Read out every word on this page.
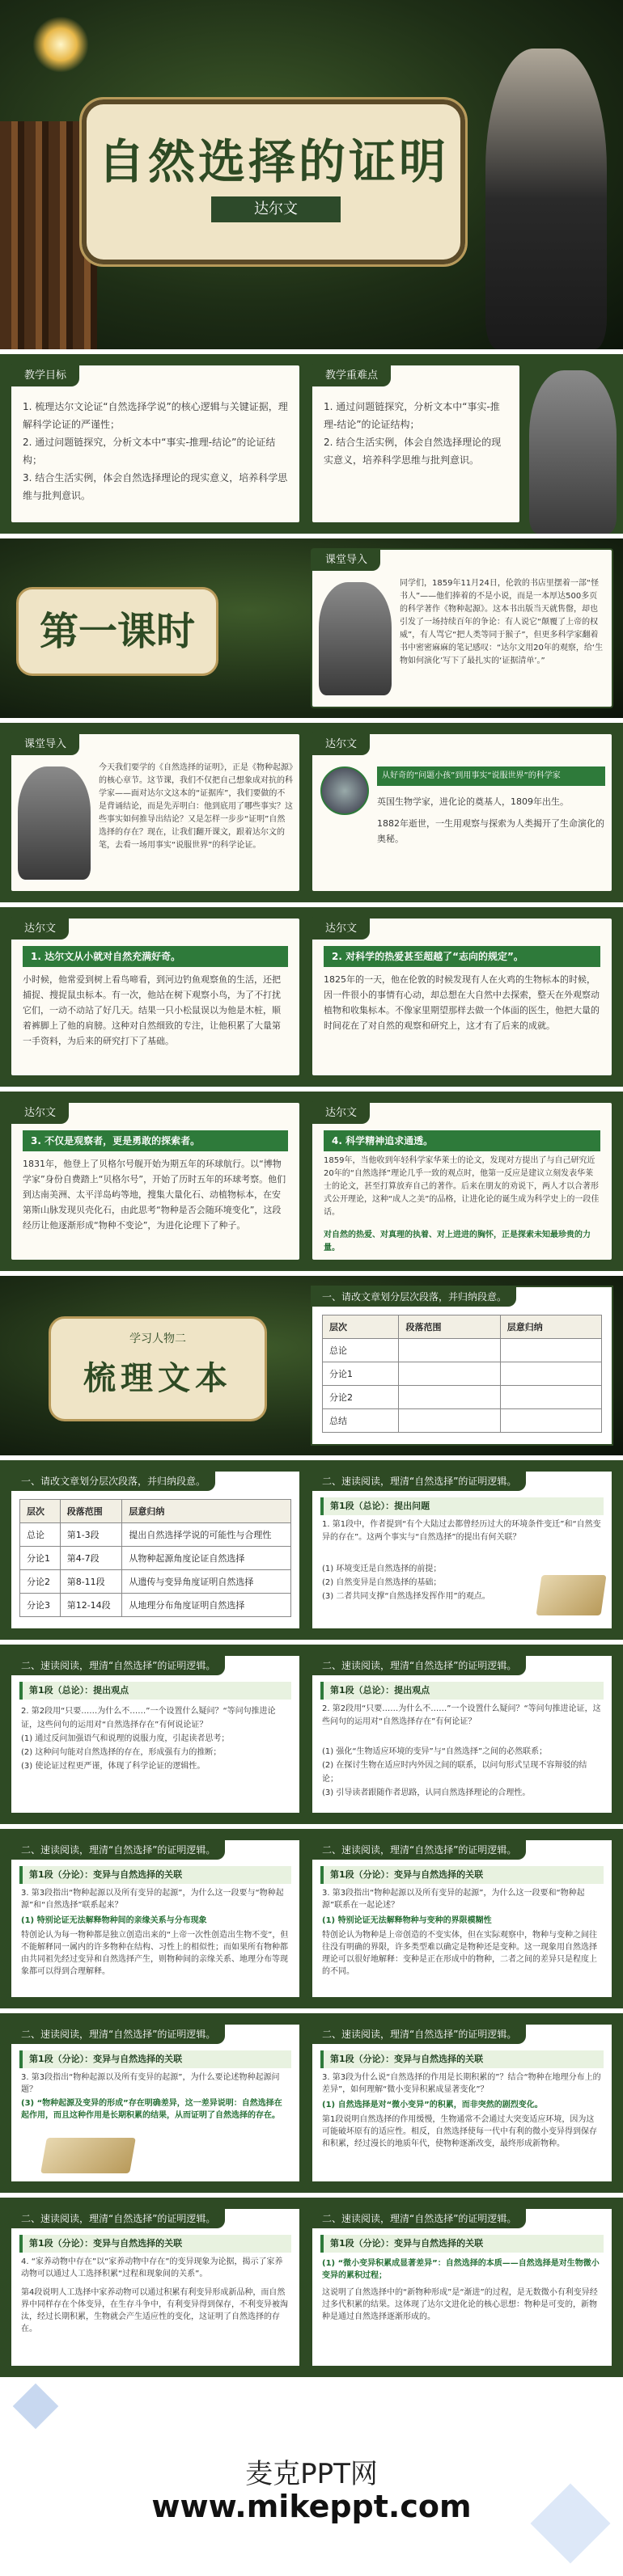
自然选择的证明
达尔文
教学目标

1. 梳理达尔文论证“自然选择学说”的核心逻辑与关键证据，理解科学论证的严谨性；

2. 通过问题链探究，分析文本中“事实-推理-结论”的论证结构；

3. 结合生活实例，体会自然选择理论的现实意义，培养科学思维与批判意识。

教学重难点

1. 通过问题链探究，分析文本中“事实-推理-结论”的论证结构；

2. 结合生活实例，体会自然选择理论的现实意义，培养科学思维与批判意识。

第一课时
课堂导入
同学们，1859年11月24日，伦敦的书店里摆着一部“怪书人”——他们捧着的不是小说，而是一本厚达500多页的科学著作《物种起源》。这本书出版当天就售罄，却也引发了一场持续百年的争论：有人说它“颠覆了上帝的权威”，有人骂它“把人类等同于猴子”，但更多科学家翻着书中密密麻麻的笔记感叹：“达尔文用20年的观察，给‘生物如何演化’写下了最扎实的‘证据清单’。”
课堂导入
今天我们要学的《自然选择的证明》，正是《物种起源》的核心章节。这节课，我们不仅把自己想象成对抗的科学家——面对达尔文这本的“证据库”，我们要做的不是背诵结论，而是先弄明白：他到底用了哪些事实？这些事实如何推导出结论？又是怎样一步步“证明”自然选择的存在？现在，让我们翻开课文，跟着达尔文的笔，去看一场用事实“说服世界”的科学论证。
达尔文
从好奇的“问题小孩”到用事实“说服世界”的科学家

英国生物学家，进化论的奠基人，1809年出生。

1882年逝世，一生用观察与探索为人类揭开了生命演化的奥秘。

达尔文
1. 达尔文从小就对自然充满好奇。
小时候，他常爱到树上看鸟啼看，到河边钓鱼观察鱼的生活，还把捕捉、搜捉鼠虫标本。有一次，他站在树下观察小鸟，为了不打扰它们，一动不动站了好几天。结果一只小松鼠误以为他是木桩，顺着裤脚上了他的肩膀。这种对自然细致的专注，让他积累了大量第一手资料，为后来的研究打下了基础。
达尔文
2. 对科学的热爱甚至超越了“志向的规定”。
1825年的一天，他在伦敦的时候发现有人在火鸡的生物标本的时候，因一件很小的事情有心动，却总想在大自然中去探索，整天在外观察动植物和收集标本。不像家里期望那样去做一个体面的医生，他把大量的时间花在了对自然的观察和研究上，这才有了后来的成就。
达尔文
3. 不仅是观察者，更是勇敢的探索者。
1831年，他登上了贝格尔号舰开始为期五年的环球航行。以“博物学家”身份自费踏上“贝格尔号”，开始了历时五年的环球考察。他们到达南美洲、太平洋岛屿等地，搜集大量化石、动植物标本，在安第斯山脉发现贝壳化石，由此思考“物种是否会随环境变化”，这段经历让他逐渐形成“物种不变论”，为进化论理下了种子。
达尔文
4. 科学精神追求通透。
1859年，当他收到年轻科学家华莱士的论文，发现对方提出了与自己研究近20年的“自然选择”理论几乎一致的观点时，他第一反应是建议立刻发表华莱士的论文，甚至打算放弃自己的著作。后来在朋友的劝说下，两人才以合著形式公开理论，这种“成人之美”的品格，让进化论的诞生成为科学史上的一段佳话。
对自然的热爱、对真理的执着、对上进进的胸怀，正是探索未知最珍贵的力量。
学习人物二
梳理文本
一、请改文章划分层次段落，并归纳段意。
层次	段落范围	层意归纳
总论		
分论1		
分论2		
总结		
一、请改文章划分层次段落，并归纳段意。
层次	段落范围	层意归纳
总论	第1-3段	提出自然选择学说的可能性与合理性
分论1	第4-7段	从物种起源角度论证自然选择
分论2	第8-11段	从遗传与变异角度证明自然选择
分论3	第12-14段	从地理分布角度证明自然选择
二、速读阅读，理清“自然选择”的证明逻辑。
第1段（总论）：提出问题
1. 第1段中，作者提到“有个大陆过去都曾经历过大的环境条件变迁”和“自然变异的存在”。这两个事实与“自然选择”的提出有何关联？

(1) 环境变迁是自然选择的前提；

(2) 自然变异是自然选择的基础；

(3) 二者共同支撑“自然选择发挥作用”的观点。

二、速读阅读，理清“自然选择”的证明逻辑。
第1段（总论）：提出观点

2. 第2段用“只要……为什么不……”一个设置什么疑问？“等问句推进论证，这些问句的运用对“自然选择存在”有何说论证？

(1) 通过反问加强语气和说理的说服力度，引起读者思考；

(2) 这种问句能对自然选择的存在，形成强有力的推断；

(3) 使论证过程更严谨，体现了科学论证的逻辑性。

二、速读阅读，理清“自然选择”的证明逻辑。
第1段（总论）：提出观点
2. 第2段用“只要……为什么不……”一个设置什么疑问？“等问句推进论证，这些问句的运用对“自然选择存在”有何论证？

(1) 强化“生物适应环境的变异”与“自然选择”之间的必然联系；

(2) 在探讨生物在适应时内外因之间的联系，以问句形式呈现不容辩驳的结论；

(3) 引导读者跟随作者思路，认同自然选择理论的合理性。

二、速读阅读，理清“自然选择”的证明逻辑。
第1段（分论）：变异与自然选择的关联
3. 第3段指出“物种起源以及所有变异的起源”，为什么这一段要与“物种起源”和“自然选择”联系起来？
(1) 特别论证无法解释物种间的亲缘关系与分布现象
特创论认为每一物种都是独立创造出来的“上帝一次性创造出生物不变”，但不能解释同一属内的许多物种在结构、习性上的相似性；而如果所有物种都由共同祖先经过变异和自然选择产生，则物种间的亲缘关系、地理分布等现象都可以得到合理解释。
二、速读阅读，理清“自然选择”的证明逻辑。
第1段（分论）：变异与自然选择的关联
3. 第3段指出“物种起源以及所有变异的起源”，为什么这一段要和“物种起源”联系在一起论述？
(1) 特别论证无法解释物种与变种的界限模糊性
特创论认为物种是上帝创造的不变实体，但在实际观察中，物种与变种之间往往没有明确的界限，许多类型难以确定是物种还是变种。这一现象用自然选择理论可以很好地解释：变种是正在形成中的物种，二者之间的差异只是程度上的不同。
二、速读阅读，理清“自然选择”的证明逻辑。
第1段（分论）：变异与自然选择的关联
3. 第3段指出“物种起源以及所有变异的起源”，为什么要论述物种起源问题？
(3) “物种起源及变异的形成”存在明确差异，这一差异说明：自然选择在起作用，而且这种作用是长期积累的结果，从而证明了自然选择的存在。
二、速读阅读，理清“自然选择”的证明逻辑。
第1段（分论）：变异与自然选择的关联
3. 第3段为什么说“自然选择的作用是长期积累的”？结合“物种在地理分布上的差异”，如何理解“微小变异积累成显著变化”？
(1) 自然选择是对“微小变异”的积累，而非突然的剧烈变化。
第1段说明自然选择的作用缓慢，生物通常不会通过大突变适应环境，因为这可能破坏原有的适应性。相反，自然选择使每一代中有利的微小变异得到保存和积累，经过漫长的地质年代，使物种逐渐改变，最终形成新物种。
二、速读阅读，理清“自然选择”的证明逻辑。
第1段（分论）：变异与自然选择的关联
4. “家养动物中存在”以“家养动物中存在”的变异现象为论据，揭示了家养动物可以通过人工选择积累“过程和现象间的关系”。
第4段说明人工选择中家养动物可以通过积累有利变异形成新品种，而自然界中同样存在个体变异，在生存斗争中，有利变异得到保存，不利变异被淘汰，经过长期积累，生物就会产生适应性的变化，这证明了自然选择的存在。
二、速读阅读，理清“自然选择”的证明逻辑。
第1段（分论）：变异与自然选择的关联
(1) “微小变异积累成显著差异”：自然选择的本质——自然选择是对生物微小变异的累积过程；
这说明了自然选择中的“新物种形成”是“渐进”的过程，是无数微小有利变异经过多代积累的结果。这体现了达尔文进化论的核心思想：物种是可变的，新物种是通过自然选择逐渐形成的。
麦克PPT网
www.mikeppt.com
